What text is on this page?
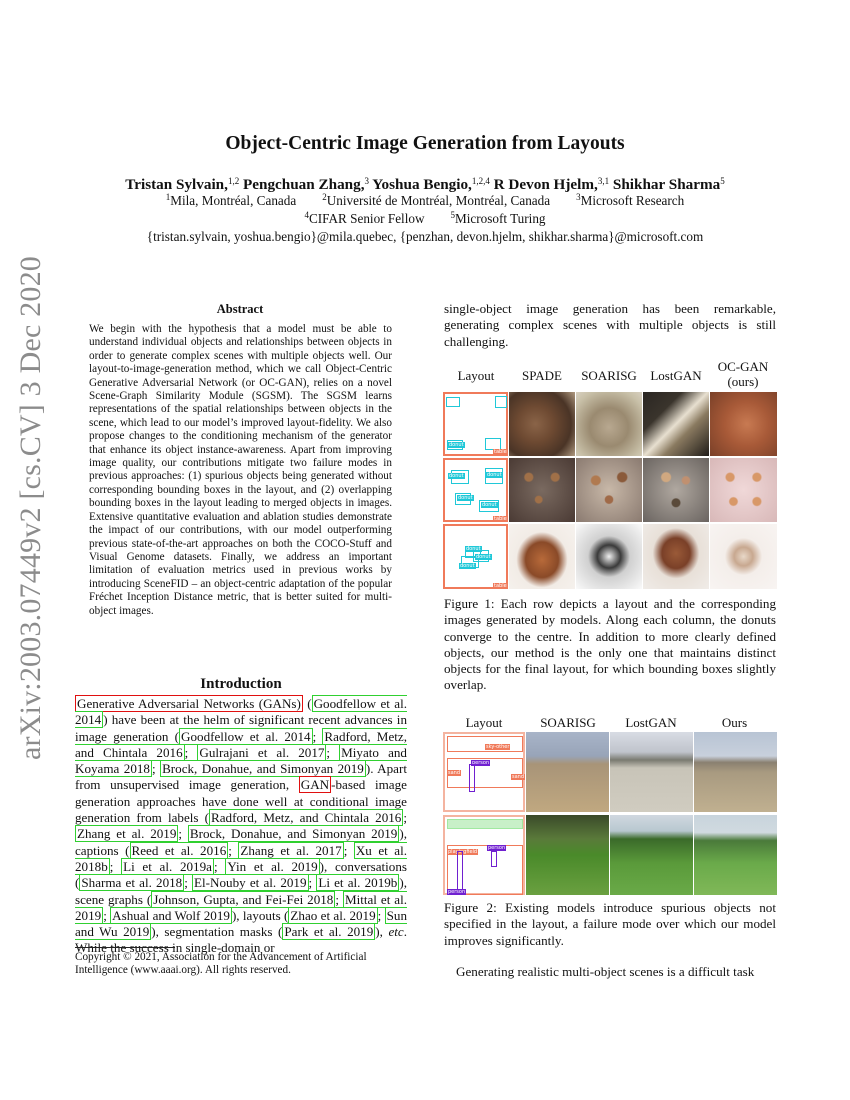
arXiv:2003.07449v2 [cs.CV] 3 Dec 2020
Object-Centric Image Generation from Layouts
Tristan Sylvain,$^{1,2}$ Pengchuan Zhang,$^3$ Yoshua Bengio,$^{1,2,4}$ R Devon Hjelm,$^{3,1}$ Shikhar Sharma$^5$
$^1$Mila, Montréal, Canada	$^2$Université de Montréal, Montréal, Canada	$^3$Microsoft Research
$^4$CIFAR Senior Fellow	$^5$Microsoft Turing
{tristan.sylvain, yoshua.bengio}@mila.quebec, {penzhan, devon.hjelm, shikhar.sharma}@microsoft.com
Abstract
We begin with the hypothesis that a model must be able to understand individual objects and relationships between objects in order to generate complex scenes with multiple objects well. Our layout-to-image-generation method, which we call Object-Centric Generative Adversarial Network (or OC-GAN), relies on a novel Scene-Graph Similarity Module (SGSM). The SGSM learns representations of the spatial relationships between objects in the scene, which lead to our model’s improved layout-fidelity. We also propose changes to the conditioning mechanism of the generator that enhance its object instance-awareness. Apart from improving image quality, our contributions mitigate two failure modes in previous approaches: (1) spurious objects being generated without corresponding bounding boxes in the layout, and (2) overlapping bounding boxes in the layout leading to merged objects in images. Extensive quantitative evaluation and ablation studies demonstrate the impact of our contributions, with our model outperforming previous state-of-the-art approaches on both the COCO-Stuff and Visual Genome datasets. Finally, we address an important limitation of evaluation metrics used in previous works by introducing SceneFID – an object-centric adaptation of the popular Fréchet Inception Distance metric, that is better suited for multi-object images.
Introduction
Generative Adversarial Networks (GANs) ( Goodfellow et al. 2014 ) have been at the helm of significant recent advances in image generation ( Goodfellow et al. 2014 ; Radford, Metz, and Chintala 2016 ; Gulrajani et al. 2017 ; Miyato and Koyama 2018 ; Brock, Donahue, and Simonyan 2019 ). Apart from unsupervised image generation, GAN -based image generation approaches have done well at conditional image generation from labels ( Radford, Metz, and Chintala 2016 ; Zhang et al. 2019 ; Brock, Donahue, and Simonyan 2019 ), captions ( Reed et al. 2016 ; Zhang et al. 2017 ; Xu et al. 2018b ; Li et al. 2019a ; Yin et al. 2019 ), conversations ( Sharma et al. 2018 ; El-Nouby et al. 2019 ; Li et al. 2019b ), scene graphs ( Johnson, Gupta, and Fei-Fei 2018 ; Mittal et al. 2019 ; Ashual and Wolf 2019 ), layouts ( Zhao et al. 2019 ; Sun and Wu 2019 ), segmentation masks ( Park et al. 2019 ), etc. While the success in single-domain or
Copyright © 2021, Association for the Advancement of Artificial Intelligence (www.aaai.org). All rights reserved.
single-object image generation has been remarkable, generating complex scenes with multiple objects is still challenging.
Layout	SPADE	SOARISG	LostGAN
OC-GAN
(ours)
donut
table
donut	donut
donut
donut
table
donut
donut
donut
table
Figure 1: Each row depicts a layout and the corresponding images generated by models. Along each column, the donuts converge to the centre. In addition to more clearly defined objects, our method is the only one that maintains distinct objects for the final layout, for which bounding boxes slightly overlap.
Layout	SOARISG	LostGAN	Ours
sky-other
person
sand
sand
playingfield
person
person
Figure 2: Existing models introduce spurious objects not specified in the layout, a failure mode over which our model improves significantly.
Generating realistic multi-object scenes is a difficult task
